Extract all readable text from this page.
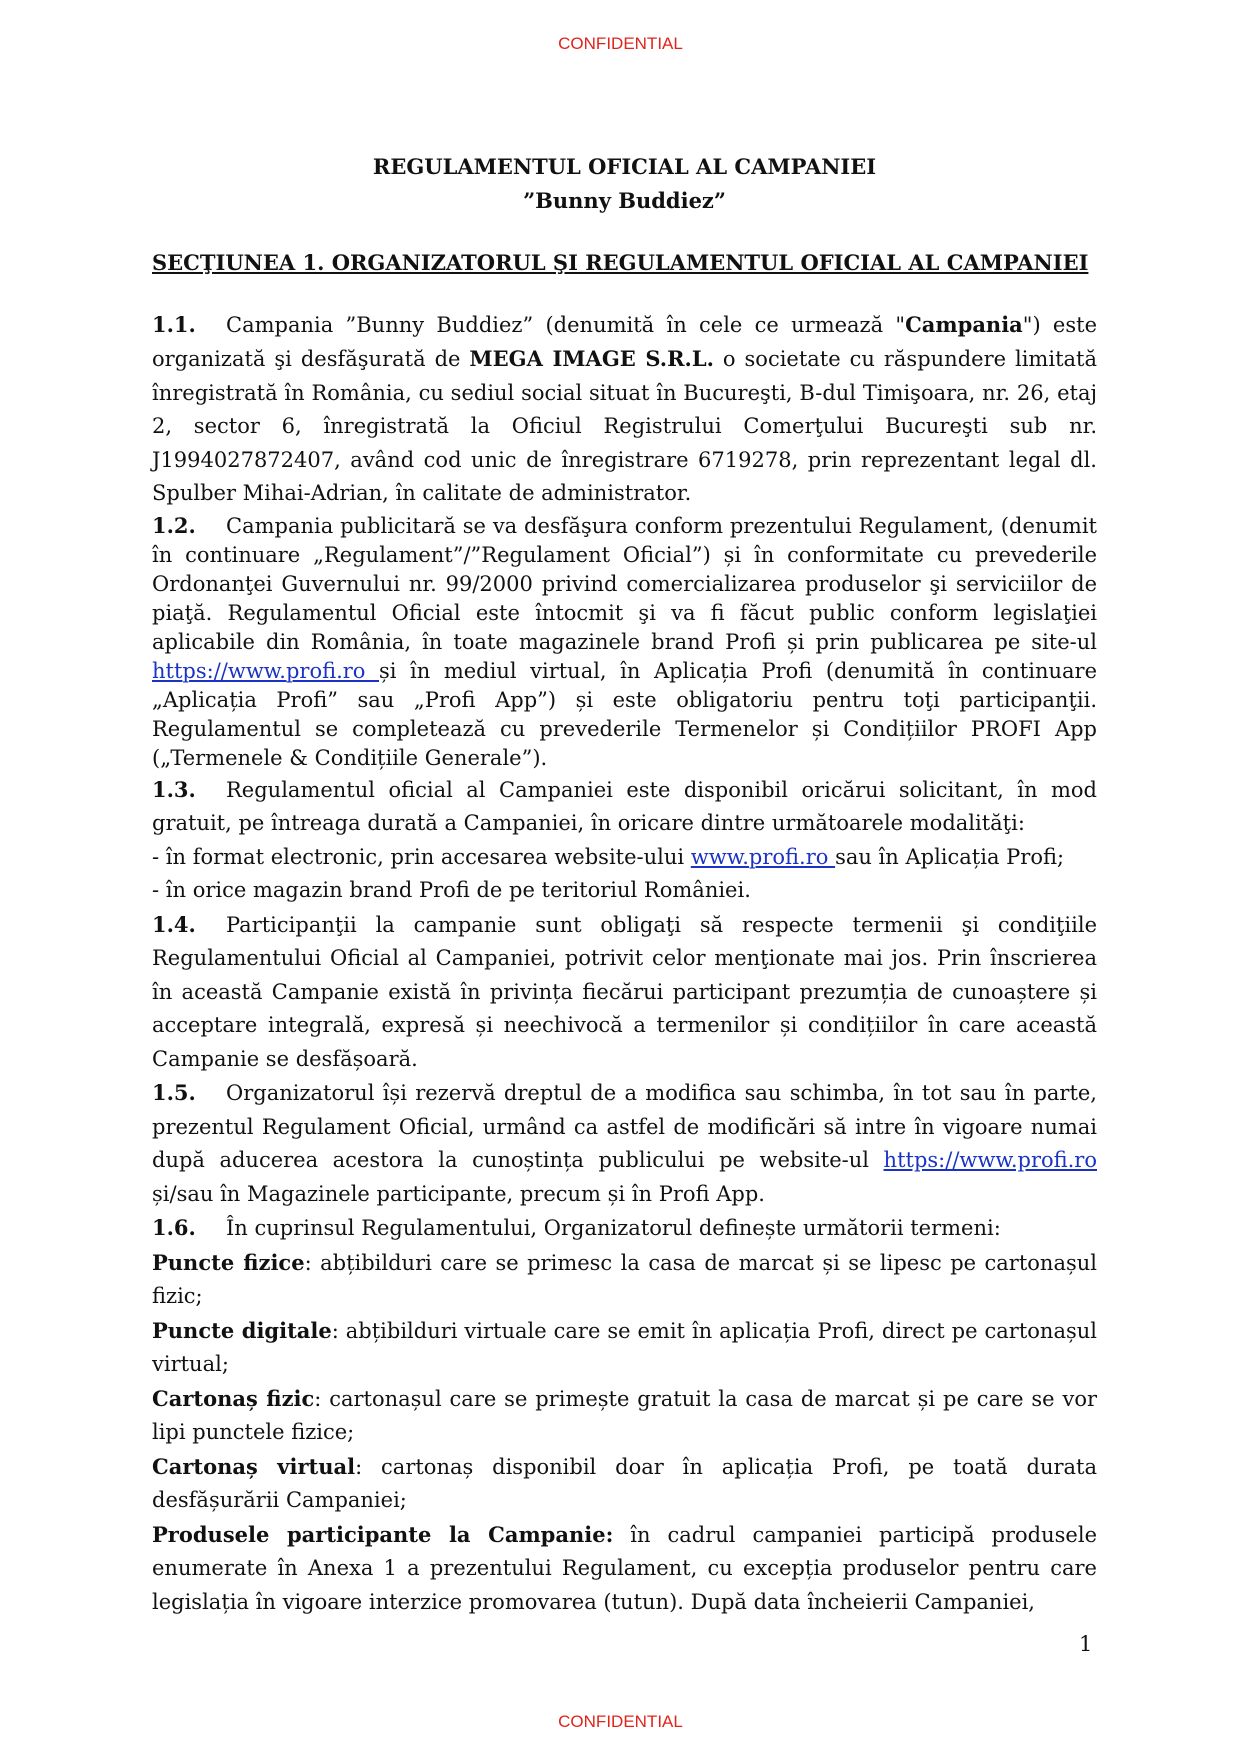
CONFIDENTIAL
REGULAMENTUL OFICIAL AL CAMPANIEI
”Bunny Buddiez”
SECŢIUNEA 1. ORGANIZATORUL ŞI REGULAMENTUL OFICIAL AL CAMPANIEI
1.1. Campania ”Bunny Buddiez” (denumită în cele ce urmează "Campania") este organizată şi desfăşurată de MEGA IMAGE S.R.L. o societate cu răspundere limitată înregistrată în România, cu sediul social situat în Bucureşti, B-dul Timişoara, nr. 26, etaj 2, sector 6, înregistrată la Oficiul Registrului Comerţului Bucureşti sub nr. J1994027872407, având cod unic de înregistrare 6719278, prin reprezentant legal dl. Spulber Mihai-Adrian, în calitate de administrator.
1.2. Campania publicitară se va desfăşura conform prezentului Regulament, (denumit în continuare „Regulament”/”Regulament Oficial”) și în conformitate cu prevederile Ordonanţei Guvernului nr. 99/2000 privind comercializarea produselor şi serviciilor de piaţă. Regulamentul Oficial este întocmit şi va fi făcut public conform legislaţiei aplicabile din România, în toate magazinele brand Profi și prin publicarea pe site-ul https://www.profi.ro și în mediul virtual, în Aplicația Profi (denumită în continuare „Aplicația Profi” sau „Profi App”) și este obligatoriu pentru toţi participanţii. Regulamentul se completează cu prevederile Termenelor și Condițiilor PROFI App („Termenele & Condițiile Generale”).
1.3. Regulamentul oficial al Campaniei este disponibil oricărui solicitant, în mod gratuit, pe întreaga durată a Campaniei, în oricare dintre următoarele modalităţi:
- în format electronic, prin accesarea website-ului www.profi.ro sau în Aplicația Profi;
- în orice magazin brand Profi de pe teritoriul României.
1.4. Participanţii la campanie sunt obligaţi să respecte termenii şi condiţiile Regulamentului Oficial al Campaniei, potrivit celor menţionate mai jos. Prin înscrierea în această Campanie există în privința fiecărui participant prezumția de cunoaștere și acceptare integrală, expresă și neechivocă a termenilor și condițiilor în care această Campanie se desfășoară.
1.5. Organizatorul își rezervă dreptul de a modifica sau schimba, în tot sau în parte, prezentul Regulament Oficial, urmând ca astfel de modificări să intre în vigoare numai după aducerea acestora la cunoștința publicului pe website-ul https://www.profi.ro și/sau în Magazinele participante, precum și în Profi App.
1.6. În cuprinsul Regulamentului, Organizatorul definește următorii termeni:
Puncte fizice: abțibilduri care se primesc la casa de marcat și se lipesc pe cartonașul fizic;
Puncte digitale: abțibilduri virtuale care se emit în aplicația Profi, direct pe cartonașul virtual;
Cartonaș fizic: cartonașul care se primește gratuit la casa de marcat și pe care se vor lipi punctele fizice;
Cartonaș virtual: cartonaș disponibil doar în aplicația Profi, pe toată durata desfășurării Campaniei;
Produsele participante la Campanie: în cadrul campaniei participă produsele enumerate în Anexa 1 a prezentului Regulament, cu excepția produselor pentru care legislația în vigoare interzice promovarea (tutun). După data încheierii Campaniei,
1
CONFIDENTIAL
